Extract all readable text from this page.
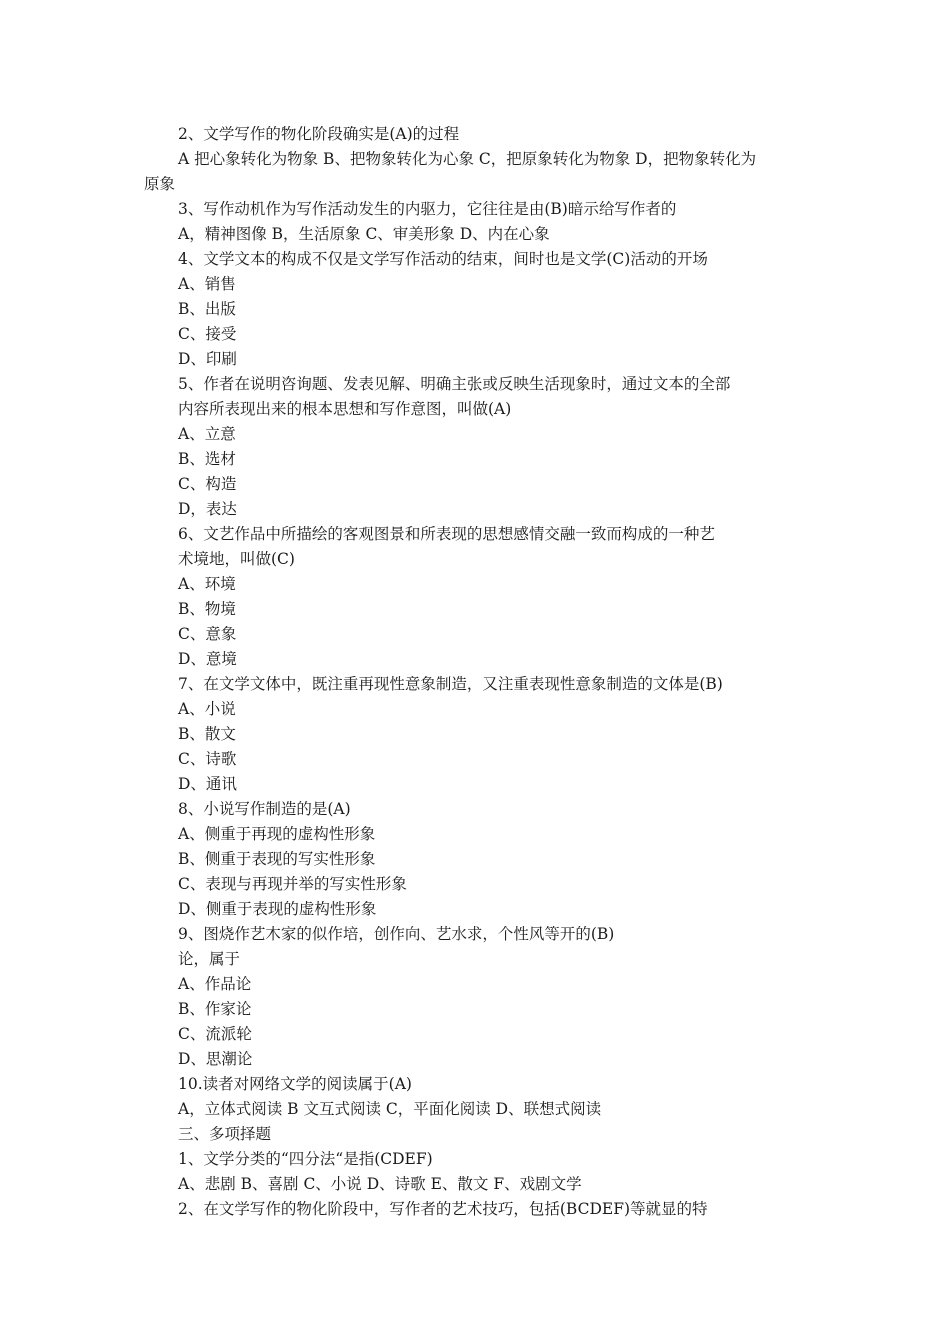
2、文学写作的物化阶段确实是(A)的过程
A 把心象转化为物象 B、把物象转化为心象 C，把原象转化为物象 D，把物象转化为
原象
3、写作动机作为写作活动发生的内驱力，它往往是由(B)暗示给写作者的
A，精神图像 B，生活原象 C、审美形象 D、内在心象
4、文学文本的构成不仅是文学写作活动的结束，间时也是文学(C)活动的开场
A、销售
B、出版
C、接受
D、印刷
5、作者在说明咨询题、发表见解、明确主张或反映生活现象时，通过文本的全部
内容所表现出来的根本思想和写作意图，叫做(A)
A、立意
B、选材
C、构造
D，表达
6、文艺作品中所描绘的客观图景和所表现的思想感情交融一致而构成的一种艺
术境地，叫做(C)
A、环境
B、物境
C、意象
D、意境
7、在文学文体中，既注重再现性意象制造，又注重表现性意象制造的文体是(B)
A、小说
B、散文
C、诗歌
D、通讯
8、小说写作制造的是(A)
A、侧重于再现的虚构性形象
B、侧重于表现的写实性形象
C、表现与再现并举的写实性形象
D、侧重于表现的虚构性形象
9、图烧作艺木家的似作培，创作向、艺水求，个性风等开的(B)
论，属于
A、作品论
B、作家论
C、流派轮
D、思潮论
10.读者对网络文学的阅读属于(A)
A，立体式阅读 B 文互式阅读 C，平面化阅读 D、联想式阅读
三、多项择题
1、文学分类的“四分法“是指(CDEF)
A、悲剧 B、喜剧 C、小说 D、诗歌 E、散文 F、戏剧文学
2、在文学写作的物化阶段中，写作者的艺术技巧，包括(BCDEF)等就显的特
